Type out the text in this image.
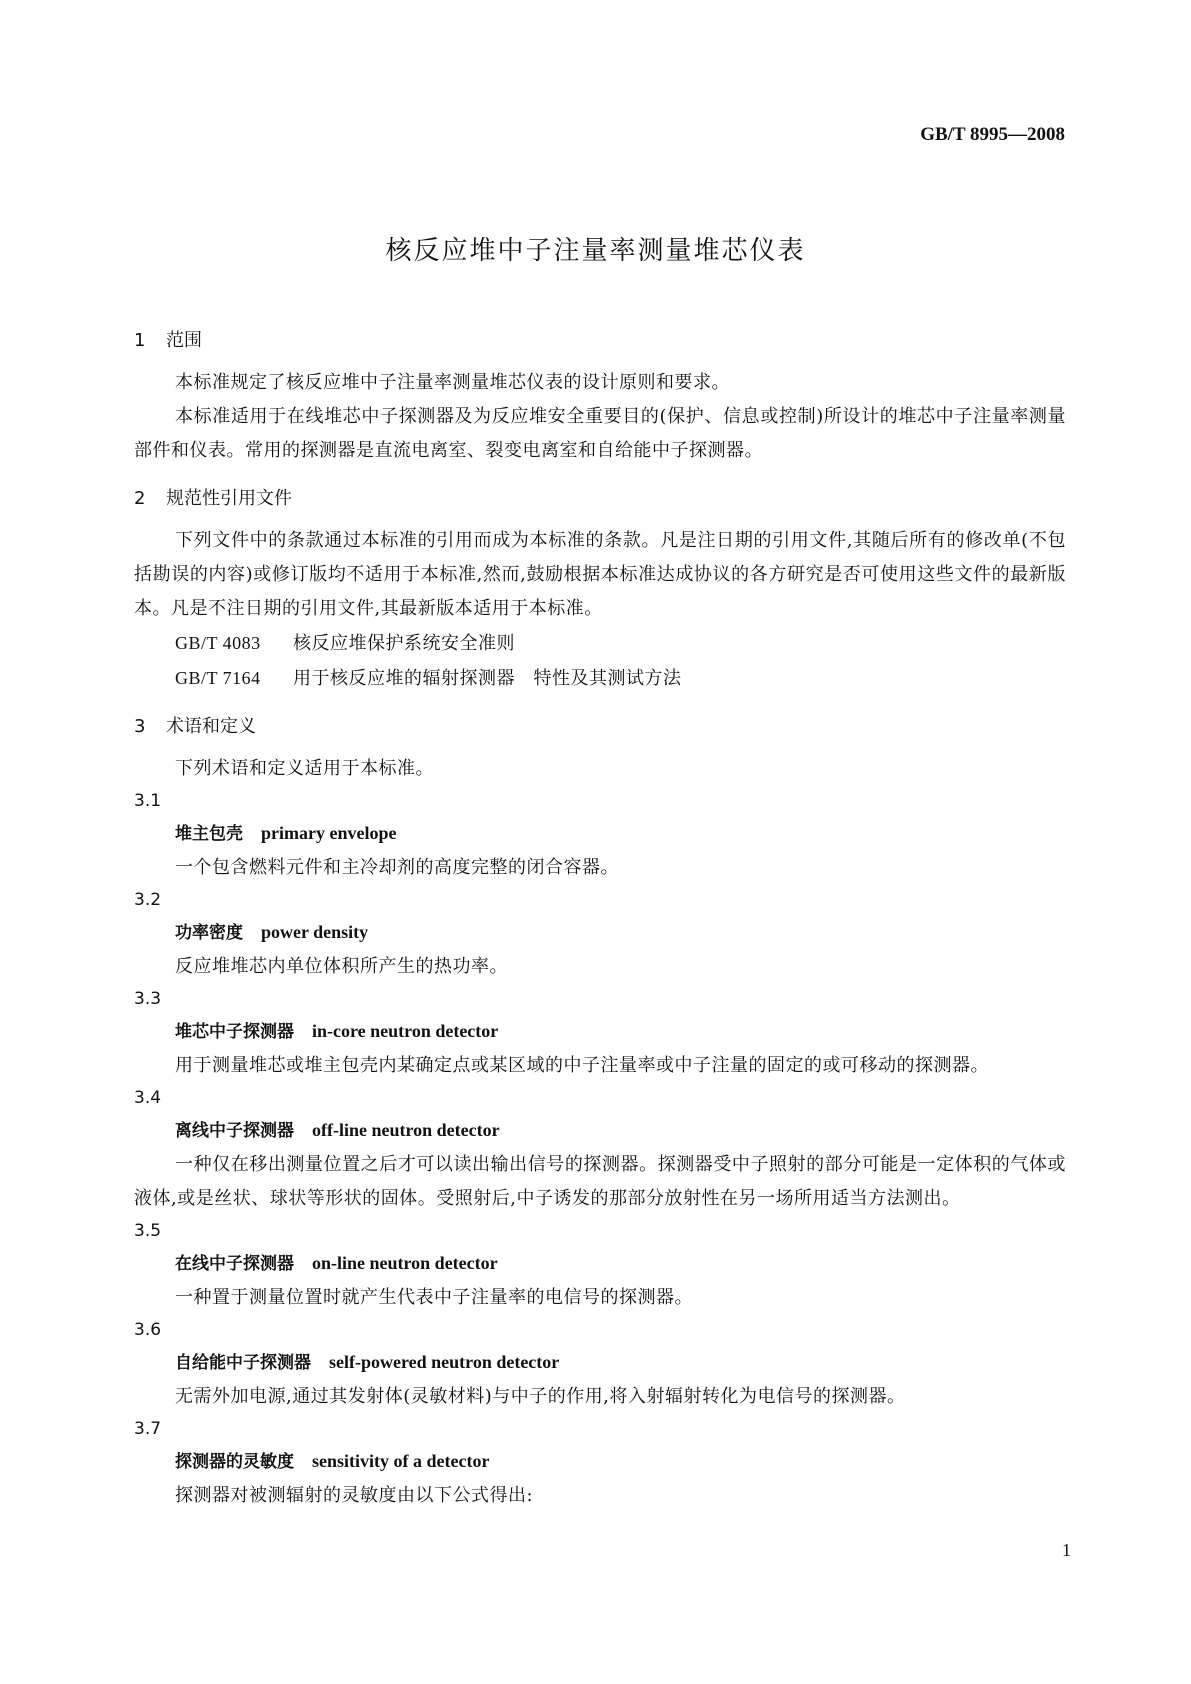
GB/T 8995—2008
核反应堆中子注量率测量堆芯仪表
1 范围

本标准规定了核反应堆中子注量率测量堆芯仪表的设计原则和要求。

本标准适用于在线堆芯中子探测器及为反应堆安全重要目的(保护、信息或控制)所设计的堆芯中子注量率测量部件和仪表。常用的探测器是直流电离室、裂变电离室和自给能中子探测器。

2 规范性引用文件

下列文件中的条款通过本标准的引用而成为本标准的条款。凡是注日期的引用文件,其随后所有的修改单(不包括勘误的内容)或修订版均不适用于本标准,然而,鼓励根据本标准达成协议的各方研究是否可使用这些文件的最新版本。凡是不注日期的引用文件,其最新版本适用于本标准。

GB/T 4083 核反应堆保护系统安全准则

GB/T 7164 用于核反应堆的辐射探测器　特性及其测试方法

3 术语和定义

下列术语和定义适用于本标准。

3.1

堆主包壳 primary envelope

一个包含燃料元件和主冷却剂的高度完整的闭合容器。

3.2

功率密度 power density

反应堆堆芯内单位体积所产生的热功率。

3.3

堆芯中子探测器 in-core neutron detector

用于测量堆芯或堆主包壳内某确定点或某区域的中子注量率或中子注量的固定的或可移动的探测器。

3.4

离线中子探测器 off-line neutron detector

一种仅在移出测量位置之后才可以读出输出信号的探测器。探测器受中子照射的部分可能是一定体积的气体或液体,或是丝状、球状等形状的固体。受照射后,中子诱发的那部分放射性在另一场所用适当方法测出。

3.5

在线中子探测器 on-line neutron detector

一种置于测量位置时就产生代表中子注量率的电信号的探测器。

3.6

自给能中子探测器 self-powered neutron detector

无需外加电源,通过其发射体(灵敏材料)与中子的作用,将入射辐射转化为电信号的探测器。

3.7

探测器的灵敏度 sensitivity of a detector

探测器对被测辐射的灵敏度由以下公式得出:

1
